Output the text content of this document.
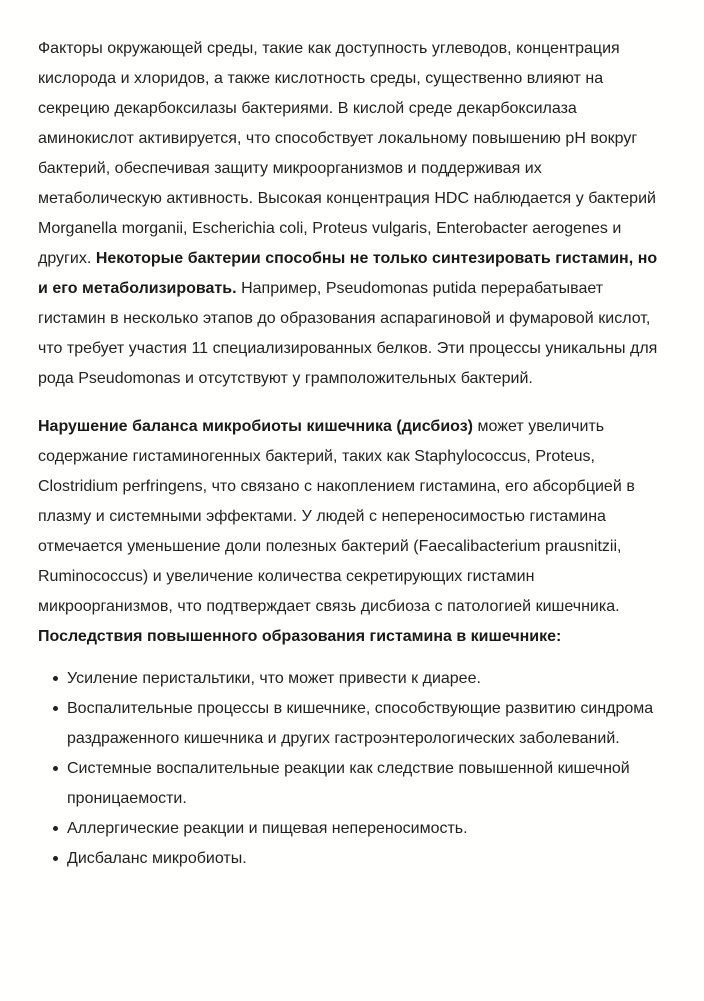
Факторы окружающей среды, такие как доступность углеводов, концентрация кислорода и хлоридов, а также кислотность среды, существенно влияют на секрецию декарбоксилазы бактериями. В кислой среде декарбоксилаза аминокислот активируется, что способствует локальному повышению pH вокруг бактерий, обеспечивая защиту микроорганизмов и поддерживая их метаболическую активность. Высокая концентрация HDC наблюдается у бактерий Morganella morganii, Escherichia coli, Proteus vulgaris, Enterobacter aerogenes и других. Некоторые бактерии способны не только синтезировать гистамин, но и его метаболизировать. Например, Pseudomonas putida перерабатывает гистамин в несколько этапов до образования аспарагиновой и фумаровой кислот, что требует участия 11 специализированных белков. Эти процессы уникальны для рода Pseudomonas и отсутствуют у грамположительных бактерий.

Нарушение баланса микробиоты кишечника (дисбиоз) может увеличить содержание гистаминогенных бактерий, таких как Staphylococcus, Proteus, Clostridium perfringens, что связано с накоплением гистамина, его абсорбцией в плазму и системными эффектами. У людей с непереносимостью гистамина отмечается уменьшение доли полезных бактерий (Faecalibacterium prausnitzii, Ruminococcus) и увеличение количества секретирующих гистамин микроорганизмов, что подтверждает связь дисбиоза с патологией кишечника.

Последствия повышенного образования гистамина в кишечнике:
Усиление перистальтики, что может привести к диарее.
Воспалительные процессы в кишечнике, способствующие развитию синдрома раздраженного кишечника и других гастроэнтерологических заболеваний.
Системные воспалительные реакции как следствие повышенной кишечной проницаемости.
Аллергические реакции и пищевая непереносимость.
Дисбаланс микробиоты.
